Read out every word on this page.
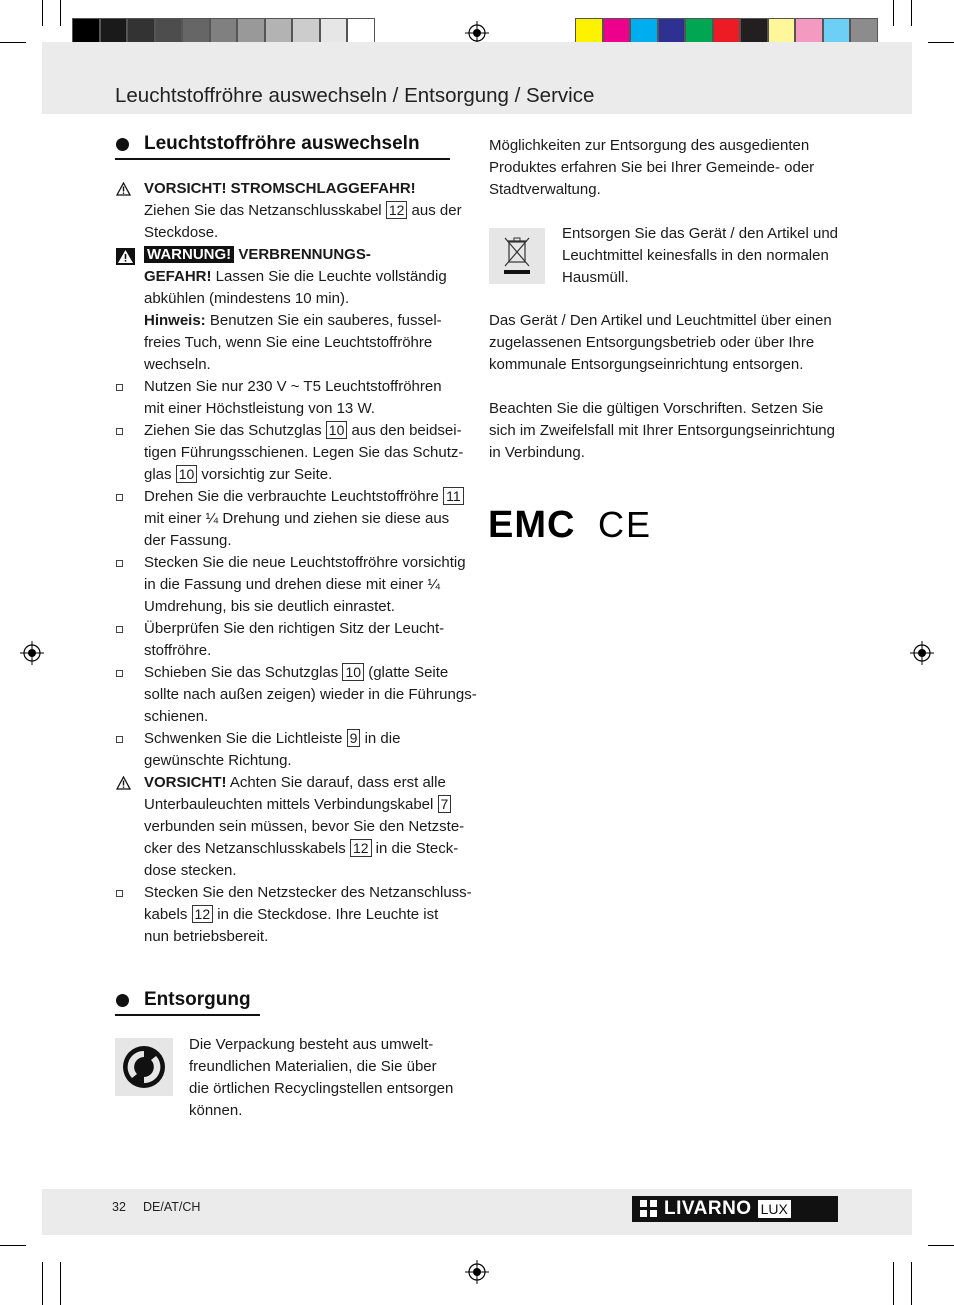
Leuchtstoffröhre auswechseln / Entsorgung / Service
Leuchtstoffröhre auswechseln
VORSICHT! STROMSCHLAGGEFAHR!
Ziehen Sie das Netzanschlusskabel 12 aus der
Steckdose.
WARNUNG! VERBRENNUNGS-
GEFAHR! Lassen Sie die Leuchte vollständig
abkühlen (mindestens 10 min).
Hinweis: Benutzen Sie ein sauberes, fussel-
freies Tuch, wenn Sie eine Leuchtstoffröhre
wechseln.
Nutzen Sie nur 230 V ~ T5 Leuchtstoffröhren
mit einer Höchstleistung von 13 W.
Ziehen Sie das Schutzglas 10 aus den beidsei-
tigen Führungsschienen. Legen Sie das Schutz-
glas 10 vorsichtig zur Seite.
Drehen Sie die verbrauchte Leuchtstoffröhre 11
mit einer ¼ Drehung und ziehen sie diese aus
der Fassung.
Stecken Sie die neue Leuchtstoffröhre vorsichtig
in die Fassung und drehen diese mit einer ¼
Umdrehung, bis sie deutlich einrastet.
Überprüfen Sie den richtigen Sitz der Leucht-
stoffröhre.
Schieben Sie das Schutzglas 10 (glatte Seite
sollte nach außen zeigen) wieder in die Führungs-
schienen.
Schwenken Sie die Lichtleiste 9 in die
gewünschte Richtung.
VORSICHT! Achten Sie darauf, dass erst alle
Unterbauleuchten mittels Verbindungskabel 7
verbunden sein müssen, bevor Sie den Netzste-
cker des Netzanschlusskabels 12 in die Steck-
dose stecken.
Stecken Sie den Netzstecker des Netzanschluss-
kabels 12 in die Steckdose. Ihre Leuchte ist
nun betriebsbereit.
Entsorgung
Die Verpackung besteht aus umwelt-
freundlichen Materialien, die Sie über
die örtlichen Recyclingstellen entsorgen
können.
Möglichkeiten zur Entsorgung des ausgedienten
Produktes erfahren Sie bei Ihrer Gemeinde- oder
Stadtverwaltung.
Entsorgen Sie das Gerät / den Artikel und
Leuchtmittel keinesfalls in den normalen
Hausmüll.
Das Gerät / Den Artikel und Leuchtmittel über einen
zugelassenen Entsorgungsbetrieb oder über Ihre
kommunale Entsorgungseinrichtung entsorgen.
Beachten Sie die gültigen Vorschriften. Setzen Sie
sich im Zweifelsfall mit Ihrer Entsorgungseinrichtung
in Verbindung.
EMC CE
32 DE/AT/CH	LIVARNO LUX
